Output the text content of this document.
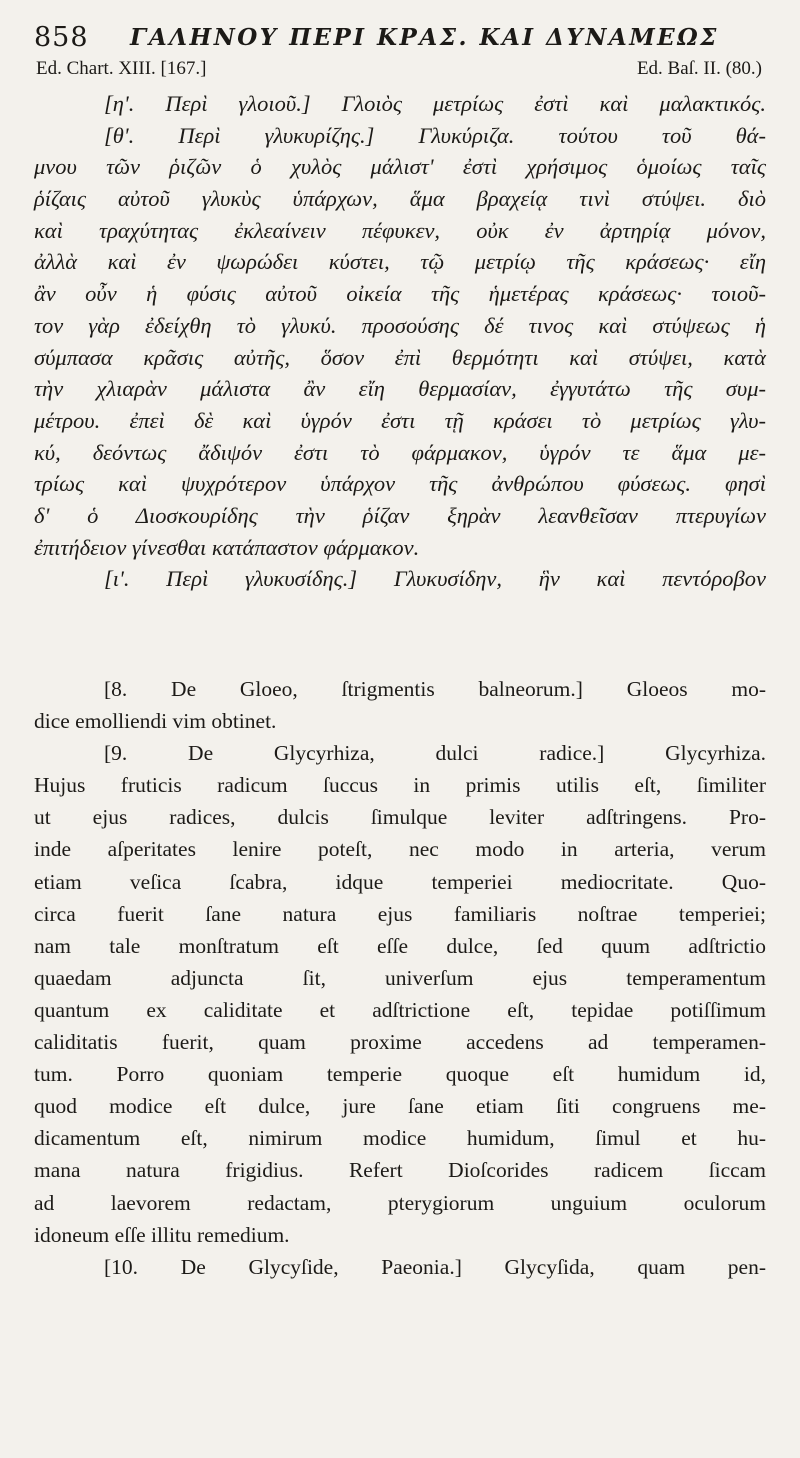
858 ΓΑΛΗΝΟΥ ΠΕΡΙ ΚΡΑΣ. ΚΑΙ ΔΥΝΑΜΕΩΣ
Ed. Chart. XIII. [167.]	Ed. Baſ. II. (80.)
[η'. Περὶ γλοιοῦ.] Γλοιὸς μετρίως ἐστὶ καὶ μαλακτικός.
[θ'. Περὶ γλυκυρίζης.] Γλυκύριζα. τούτου τοῦ θά-
μνου τῶν ῥιζῶν ὁ χυλὸς μάλιστ' ἐστὶ χρήσιμος ὁμοίως ταῖς
ῥίζαις αὐτοῦ γλυκὺς ὑπάρχων, ἅμα βραχείᾳ τινὶ στύψει. διὸ
καὶ τραχύτητας ἐκλεαίνειν πέφυκεν, οὐκ ἐν ἀρτηρίᾳ μόνον,
ἀλλὰ καὶ ἐν ψωρώδει κύστει, τῷ μετρίῳ τῆς κράσεως· εἴη
ἂν οὖν ἡ φύσις αὐτοῦ οἰκεία τῆς ἡμετέρας κράσεως· τοιοῦ-
τον γὰρ ἐδείχθη τὸ γλυκύ. προσούσης δέ τινος καὶ στύψεως ἡ
σύμπασα κρᾶσις αὐτῆς, ὅσον ἐπὶ θερμότητι καὶ στύψει, κατὰ
τὴν χλιαρὰν μάλιστα ἂν εἴη θερμασίαν, ἐγγυτάτω τῆς συμ-
μέτρου. ἐπεὶ δὲ καὶ ὑγρόν ἐστι τῇ κράσει τὸ μετρίως γλυ-
κύ, δεόντως ἄδιψόν ἐστι τὸ φάρμακον, ὑγρόν τε ἅμα με-
τρίως καὶ ψυχρότερον ὑπάρχον τῆς ἀνθρώπου φύσεως. φησὶ
δ' ὁ Διοσκουρίδης τὴν ῥίζαν ξηρὰν λεανθεῖσαν πτερυγίων
ἐπιτήδειον γίνεσθαι κατάπαστον φάρμακον.
[ι'. Περὶ γλυκυσίδης.] Γλυκυσίδην, ἣν καὶ πεντόροβον
[8. De Gloeo, ſtrigmentis balneorum.] Gloeos mo-
dice emolliendi vim obtinet.
[9. De Glycyrhiza, dulci radice.] Glycyrhiza.
Hujus fruticis radicum ſuccus in primis utilis eſt, ſimiliter
ut ejus radices, dulcis ſimulque leviter adſtringens. Pro-
inde aſperitates lenire poteſt, nec modo in arteria, verum
etiam veſica ſcabra, idque temperiei mediocritate. Quo-
circa fuerit ſane natura ejus familiaris noſtrae temperiei;
nam tale monſtratum eſt eſſe dulce, ſed quum adſtrictio
quaedam adjuncta ſit, univerſum ejus temperamentum
quantum ex caliditate et adſtrictione eſt, tepidae potiſſimum
caliditatis fuerit, quam proxime accedens ad temperamen-
tum. Porro quoniam temperie quoque eſt humidum id,
quod modice eſt dulce, jure ſane etiam ſiti congruens me-
dicamentum eſt, nimirum modice humidum, ſimul et hu-
mana natura frigidius. Refert Dioſcorides radicem ſiccam
ad laevorem redactam, pterygiorum unguium oculorum
idoneum eſſe illitu remedium.
[10. De Glycyſide, Paeonia.] Glycyſida, quam pen-
